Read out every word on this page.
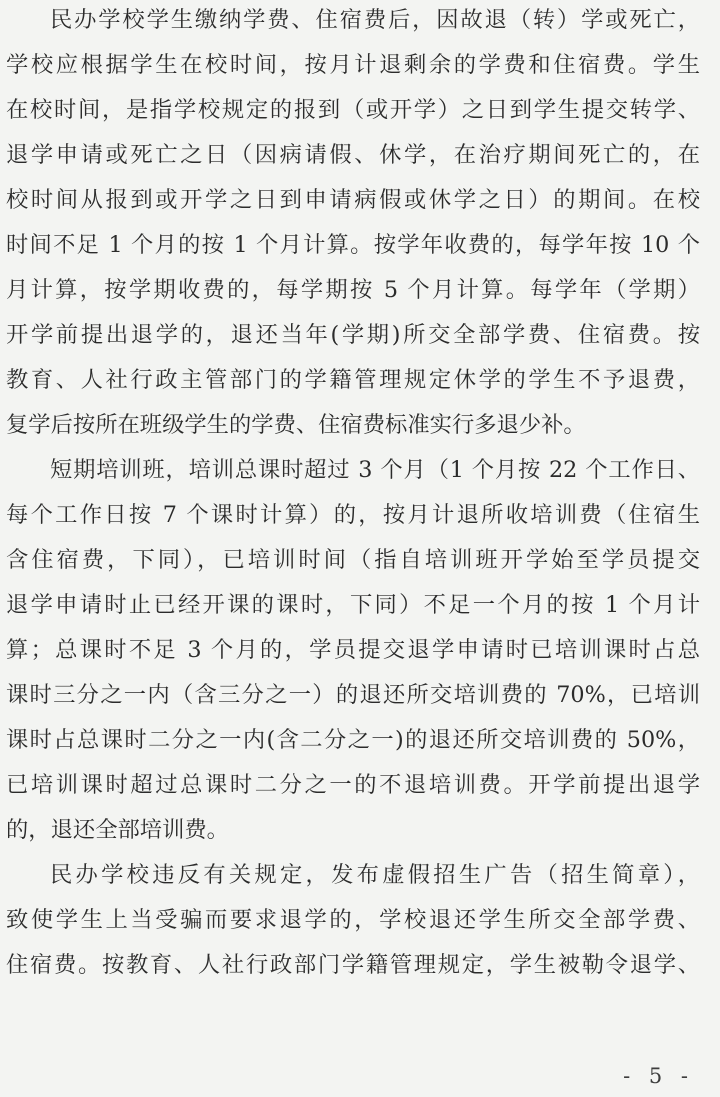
民办学校学生缴纳学费、住宿费后，因故退（转）学或死亡，
学校应根据学生在校时间，按月计退剩余的学费和住宿费。学生
在校时间，是指学校规定的报到（或开学）之日到学生提交转学、
退学申请或死亡之日（因病请假、休学，在治疗期间死亡的，在
校时间从报到或开学之日到申请病假或休学之日）的期间。在校
时间不足 1 个月的按 1 个月计算。按学年收费的，每学年按 10 个
月计算，按学期收费的，每学期按 5 个月计算。每学年（学期）
开学前提出退学的，退还当年(学期)所交全部学费、住宿费。按
教育、人社行政主管部门的学籍管理规定休学的学生不予退费，
复学后按所在班级学生的学费、住宿费标准实行多退少补。
短期培训班，培训总课时超过 3 个月（1 个月按 22 个工作日、
每个工作日按 7 个课时计算）的，按月计退所收培训费（住宿生
含住宿费，下同），已培训时间（指自培训班开学始至学员提交
退学申请时止已经开课的课时，下同）不足一个月的按 1 个月计
算；总课时不足 3 个月的，学员提交退学申请时已培训课时占总
课时三分之一内（含三分之一）的退还所交培训费的 70%，已培训
课时占总课时二分之一内(含二分之一)的退还所交培训费的 50%，
已培训课时超过总课时二分之一的不退培训费。开学前提出退学
的，退还全部培训费。
民办学校违反有关规定，发布虚假招生广告（招生简章），
致使学生上当受骗而要求退学的，学校退还学生所交全部学费、
住宿费。按教育、人社行政部门学籍管理规定，学生被勒令退学、
- 5 -
